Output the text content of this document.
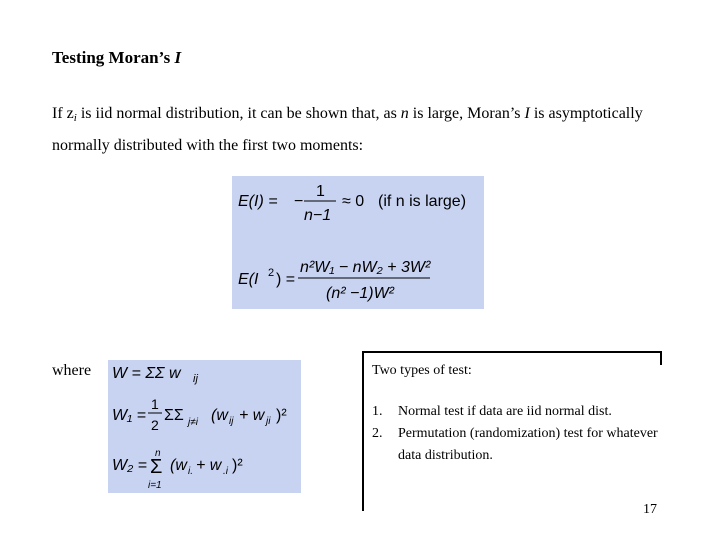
Testing Moran’s I
If $z_i$ is iid normal distribution, it can be shown that, as n is large, Moran’s I is asymptotically normally distributed with the first two moments:
E(I) = −
1
n−1
≈ 0 (if n is large)
E(I 2 ) =
n²W₁ − nW₂ + 3W²
(n² −1)W²
where W = ΣΣ w ij
W₁ =
1
2
ΣΣ j≠i (w ij + w ji )²
W₂ =
n
Σ
i=1
(w i. + w .i )²
Two types of test:
1.	Normal test if data are iid normal dist.
2.	Permutation (randomization) test for whatever data distribution.
17
